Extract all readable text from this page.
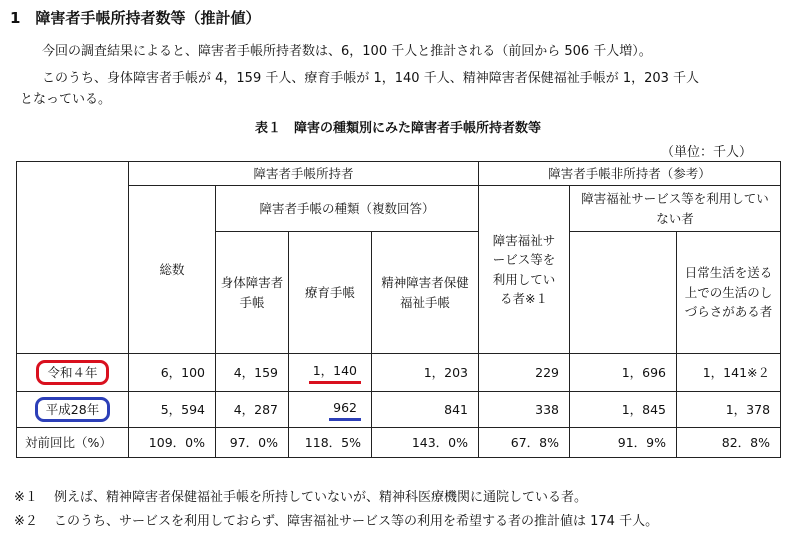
1　障害者手帳所持者数等（推計値）
今回の調査結果によると、障害者手帳所持者数は、6，100 千人と推計される（前回から 506 千人増）。
このうち、身体障害者手帳が 4，159 千人、療育手帳が 1，140 千人、精神障害者保健福祉手帳が 1，203 千人
となっている。
表１　障害の種類別にみた障害者手帳所持者数等
（単位：千人）
	障害者手帳所持者				障害者手帳非所持者（参考）		
	総数	障害者手帳の種類（複数回答）			障害福祉サービス等を利用している者※１	障害福祉サービス等を利用していない者	
		身体障害者手帳	療育手帳	精神障害者保健福祉手帳			日常生活を送る上での生活のしづらさがある者

令和４年	6，100	4，159	1，140	1，203	229	1，696	1，141※２
平成28年	5，594	4，287	962	841	338	1，845	1，378
対前回比（%）	109．0%	97．0%	118．5%	143．0%	67．8%	91．9%	82．8%
※１ 例えば、精神障害者保健福祉手帳を所持していないが、精神科医療機関に通院している者。
※２ このうち、サービスを利用しておらず、障害福祉サービス等の利用を希望する者の推計値は 174 千人。
